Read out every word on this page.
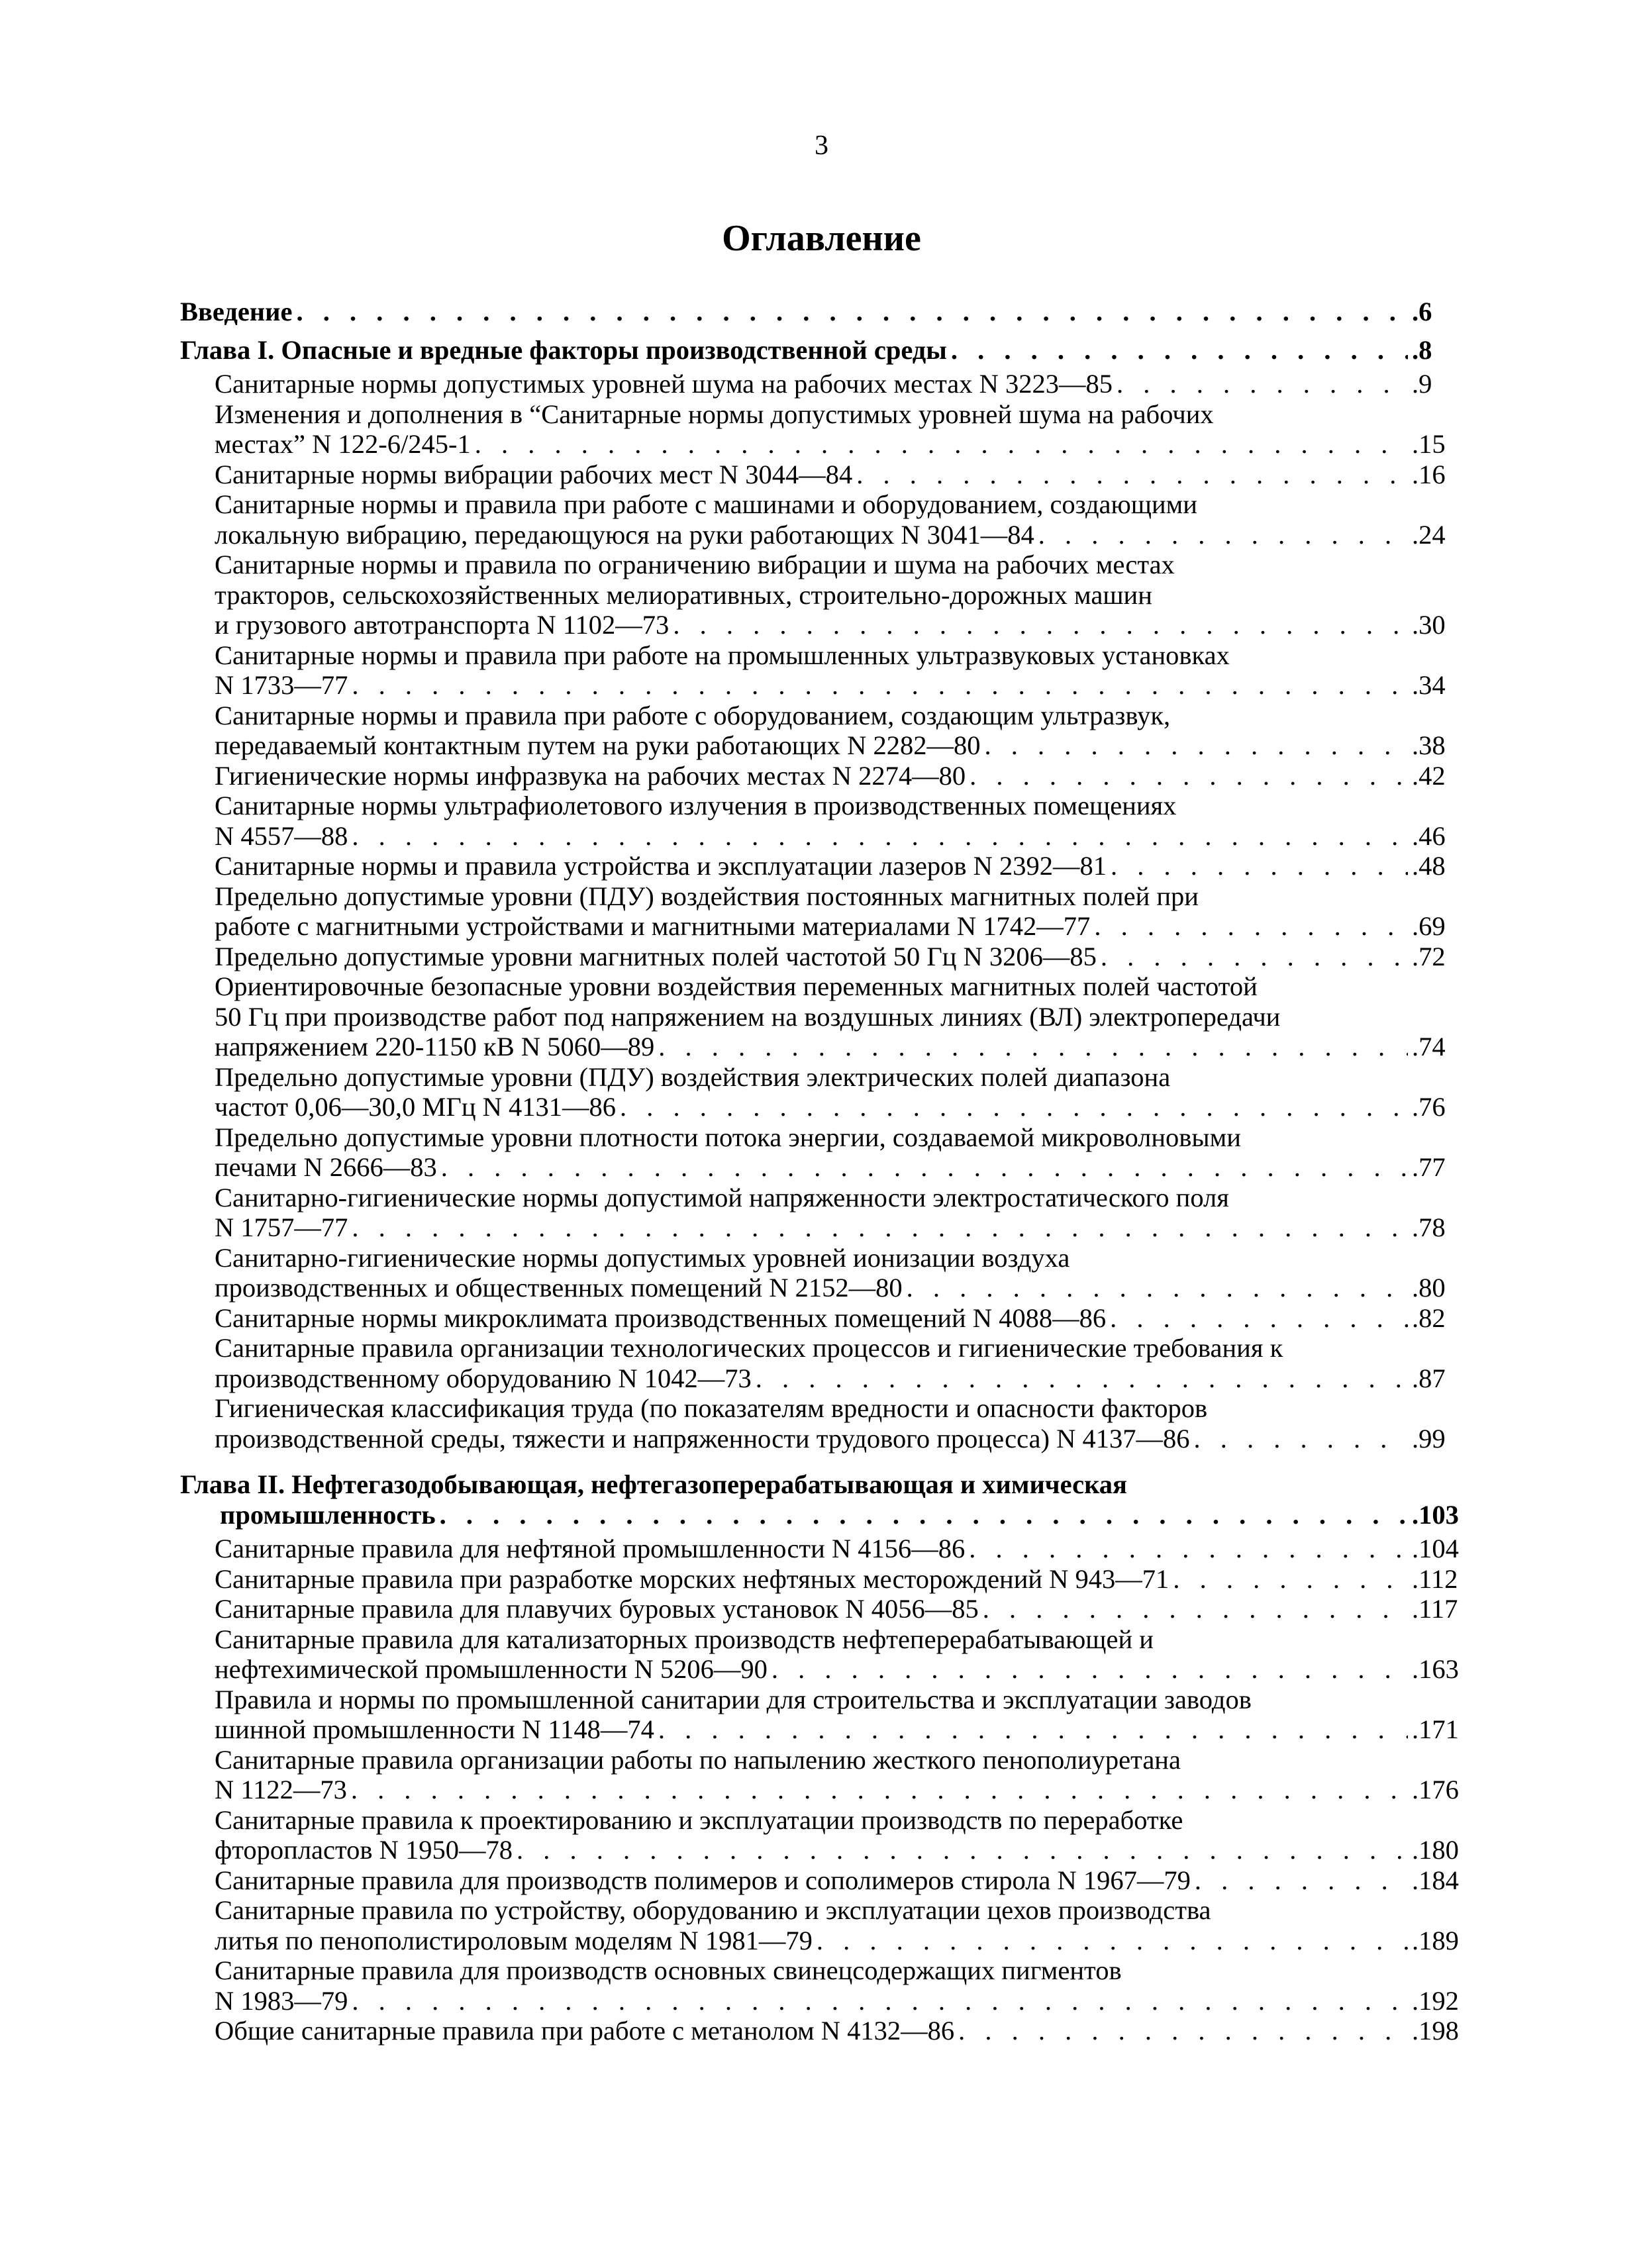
3
Оглавление
Введение . . .	.6
Глава I. Опасные и вредные факторы производственной среды . . .	.8
Санитарные нормы допустимых уровней шума на рабочих местах N 3223—85 . . .	.9
Изменения и дополнения в “Санитарные нормы допустимых уровней шума на рабочих
местах” N 122-6/245-1 . . .	.15
Санитарные нормы вибрации рабочих мест N 3044—84 . . .	.16
Санитарные нормы и правила при работе с машинами и оборудованием, создающими
локальную вибрацию, передающуюся на руки работающих N 3041—84 . . .	.24
Санитарные нормы и правила по ограничению вибрации и шума на рабочих местах
тракторов, сельскохозяйственных мелиоративных, строительно-дорожных машин
и грузового автотранспорта N 1102—73 . . .	.30
Санитарные нормы и правила при работе на промышленных ультразвуковых установках
N 1733—77 . . .	.34
Санитарные нормы и правила при работе с оборудованием, создающим ультразвук,
передаваемый контактным путем на руки работающих N 2282—80 . . .	.38
Гигиенические нормы инфразвука на рабочих местах N 2274—80 . . .	.42
Санитарные нормы ультрафиолетового излучения в производственных помещениях
N 4557—88 . . .	.46
Санитарные нормы и правила устройства и эксплуатации лазеров N 2392—81 . . .	.48
Предельно допустимые уровни (ПДУ) воздействия постоянных магнитных полей при
работе с магнитными устройствами и магнитными материалами N 1742—77 . . .	.69
Предельно допустимые уровни магнитных полей частотой 50 Гц N 3206—85 . . .	.72
Ориентировочные безопасные уровни воздействия переменных магнитных полей частотой
50 Гц при производстве работ под напряжением на воздушных линиях (ВЛ) электропередачи
напряжением 220-1150 кВ N 5060—89 . . .	.74
Предельно допустимые уровни (ПДУ) воздействия электрических полей диапазона
частот 0,06—30,0 МГц N 4131—86 . . .	.76
Предельно допустимые уровни плотности потока энергии, создаваемой микроволновыми
печами N 2666—83 . . .	.77
Санитарно-гигиенические нормы допустимой напряженности электростатического поля
N 1757—77 . . .	.78
Санитарно-гигиенические нормы допустимых уровней ионизации воздуха
производственных и общественных помещений N 2152—80 . . .	.80
Санитарные нормы микроклимата производственных помещений N 4088—86 . . .	.82
Санитарные правила организации технологических процессов и гигиенические требования к
производственному оборудованию N 1042—73 . . .	.87
Гигиеническая классификация труда (по показателям вредности и опасности факторов
производственной среды, тяжести и напряженности трудового процесса) N 4137—86 . . .	.99
Глава II. Нефтегазодобывающая, нефтегазоперерабатывающая и химическая
промышленность . . .	.103
Санитарные правила для нефтяной промышленности N 4156—86 . . .	.104
Санитарные правила при разработке морских нефтяных месторождений N 943—71 . . .	.112
Санитарные правила для плавучих буровых установок N 4056—85 . . .	.117
Санитарные правила для катализаторных производств нефтеперерабатывающей и
нефтехимической промышленности N 5206—90 . . .	.163
Правила и нормы по промышленной санитарии для строительства и эксплуатации заводов
шинной промышленности N 1148—74 . . .	.171
Санитарные правила организации работы по напылению жесткого пенополиуретана
N 1122—73 . . .	.176
Санитарные правила к проектированию и эксплуатации производств по переработке
фторопластов N 1950—78 . . .	.180
Санитарные правила для производств полимеров и сополимеров стирола N 1967—79 . . .	.184
Санитарные правила по устройству, оборудованию и эксплуатации цехов производства
литья по пенополистироловым моделям N 1981—79 . . .	.189
Санитарные правила для производств основных свинецсодержащих пигментов
N 1983—79 . . .	.192
Общие санитарные правила при работе с метанолом N 4132—86 . . .	.198
